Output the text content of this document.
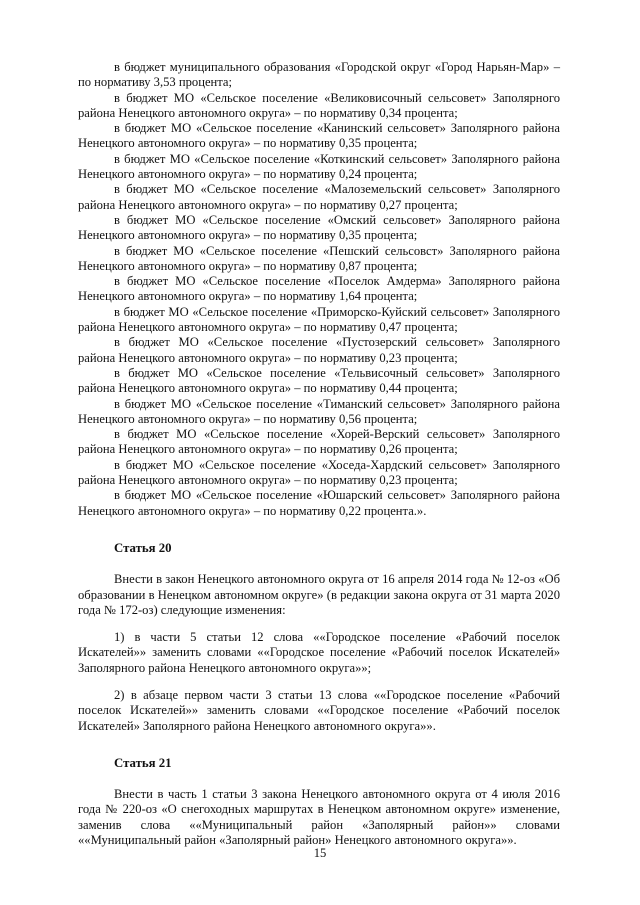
в бюджет муниципального образования «Городской округ «Город Нарьян-Мар» – по нормативу 3,53 процента;

в бюджет МО «Сельское поселение «Великовисочный сельсовет» Заполярного района Ненецкого автономного округа» – по нормативу 0,34 процента;

в бюджет МО «Сельское поселение «Канинский сельсовет» Заполярного района Ненецкого автономного округа» – по нормативу 0,35 процента;

в бюджет МО «Сельское поселение «Коткинский сельсовет» Заполярного района Ненецкого автономного округа» – по нормативу 0,24 процента;

в бюджет МО «Сельское поселение «Малоземельский сельсовет» Заполярного района Ненецкого автономного округа» – по нормативу 0,27 процента;

в бюджет МО «Сельское поселение «Омский сельсовет» Заполярного района Ненецкого автономного округа» – по нормативу 0,35 процента;

в бюджет МО «Сельское поселение «Пешский сельсовст» Заполярного района Ненецкого автономного округа» – по нормативу 0,87 процента;

в бюджет МО «Сельское поселение «Поселок Амдерма» Заполярного района Ненецкого автономного округа» – по нормативу 1,64 процента;

в бюджет МО «Сельское поселение «Приморско-Куйский сельсовет» Заполярного района Ненецкого автономного округа» – по нормативу 0,47 процента;

в бюджет МО «Сельское поселение «Пустозерский сельсовет» Заполярного района Ненецкого автономного округа» – по нормативу 0,23 процента;

в бюджет МО «Сельское поселение «Тельвисочный сельсовет» Заполярного района Ненецкого автономного округа» – по нормативу 0,44 процента;

в бюджет МО «Сельское поселение «Тиманский сельсовет» Заполярного района Ненецкого автономного округа» – по нормативу 0,56 процента;

в бюджет МО «Сельское поселение «Хорей-Верский сельсовет» Заполярного района Ненецкого автономного округа» – по нормативу 0,26 процента;

в бюджет МО «Сельское поселение «Хоседа-Хардский сельсовет» Заполярного района Ненецкого автономного округа» – по нормативу 0,23 процента;

в бюджет МО «Сельское поселение «Юшарский сельсовет» Заполярного района Ненецкого автономного округа» – по нормативу 0,22 процента.».

Статья 20

Внести в закон Ненецкого автономного округа от 16 апреля 2014 года № 12-оз «Об образовании в Ненецком автономном округе» (в редакции закона округа от 31 марта 2020 года № 172-оз) следующие изменения:

1) в части 5 статьи 12 слова ««Городское поселение «Рабочий поселок Искателей»» заменить словами ««Городское поселение «Рабочий поселок Искателей» Заполярного района Ненецкого автономного округа»»;

2) в абзаце первом части 3 статьи 13 слова ««Городское поселение «Рабочий поселок Искателей»» заменить словами ««Городское поселение «Рабочий поселок Искателей» Заполярного района Ненецкого автономного округа»».

Статья 21

Внести в часть 1 статьи 3 закона Ненецкого автономного округа от 4 июля 2016 года № 220-оз «О снегоходных маршрутах в Ненецком автономном округе» изменение, заменив слова ««Муниципальный район «Заполярный район»» словами ««Муниципальный район «Заполярный район» Ненецкого автономного округа»».

15
